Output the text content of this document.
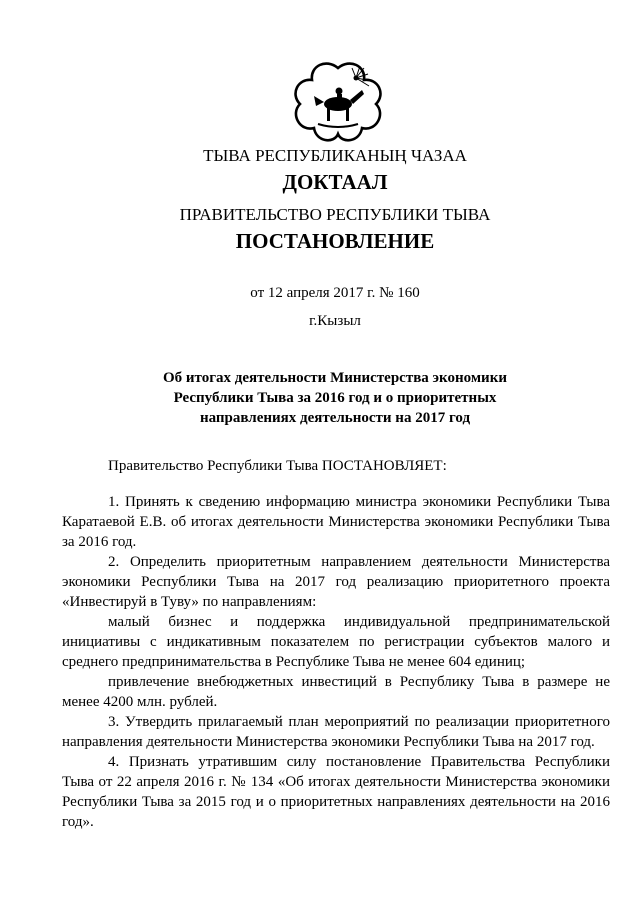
ТЫВА РЕСПУБЛИКАНЫҢ ЧАЗАА
ДОКТААЛ
ПРАВИТЕЛЬСТВО РЕСПУБЛИКИ ТЫВА
ПОСТАНОВЛЕНИЕ
от 12 апреля 2017 г. № 160
г.Кызыл
Об итогах деятельности Министерства экономики
Республики Тыва за 2016 год и о приоритетных
направлениях деятельности на 2017 год

Правительство Республики Тыва ПОСТАНОВЛЯЕТ:

1. Принять к сведению информацию министра экономики Республики Тыва Каратаевой Е.В. об итогах деятельности Министерства экономики Республики Тыва за 2016 год.

2. Определить приоритетным направлением деятельности Министерства экономики Республики Тыва на 2017 год реализацию приоритетного проекта «Инвестируй в Туву» по направлениям:

малый бизнес и поддержка индивидуальной предпринимательской инициативы с индикативным показателем по регистрации субъектов малого и среднего предпринимательства в Республике Тыва не менее 604 единиц;

привлечение внебюджетных инвестиций в Республику Тыва в размере не менее 4200 млн. рублей.

3. Утвердить прилагаемый план мероприятий по реализации приоритетного направления деятельности Министерства экономики Республики Тыва на 2017 год.

4. Признать утратившим силу постановление Правительства Республики Тыва от 22 апреля 2016 г. № 134 «Об итогах деятельности Министерства экономики Республики Тыва за 2015 год и о приоритетных направлениях деятельности на 2016 год».
